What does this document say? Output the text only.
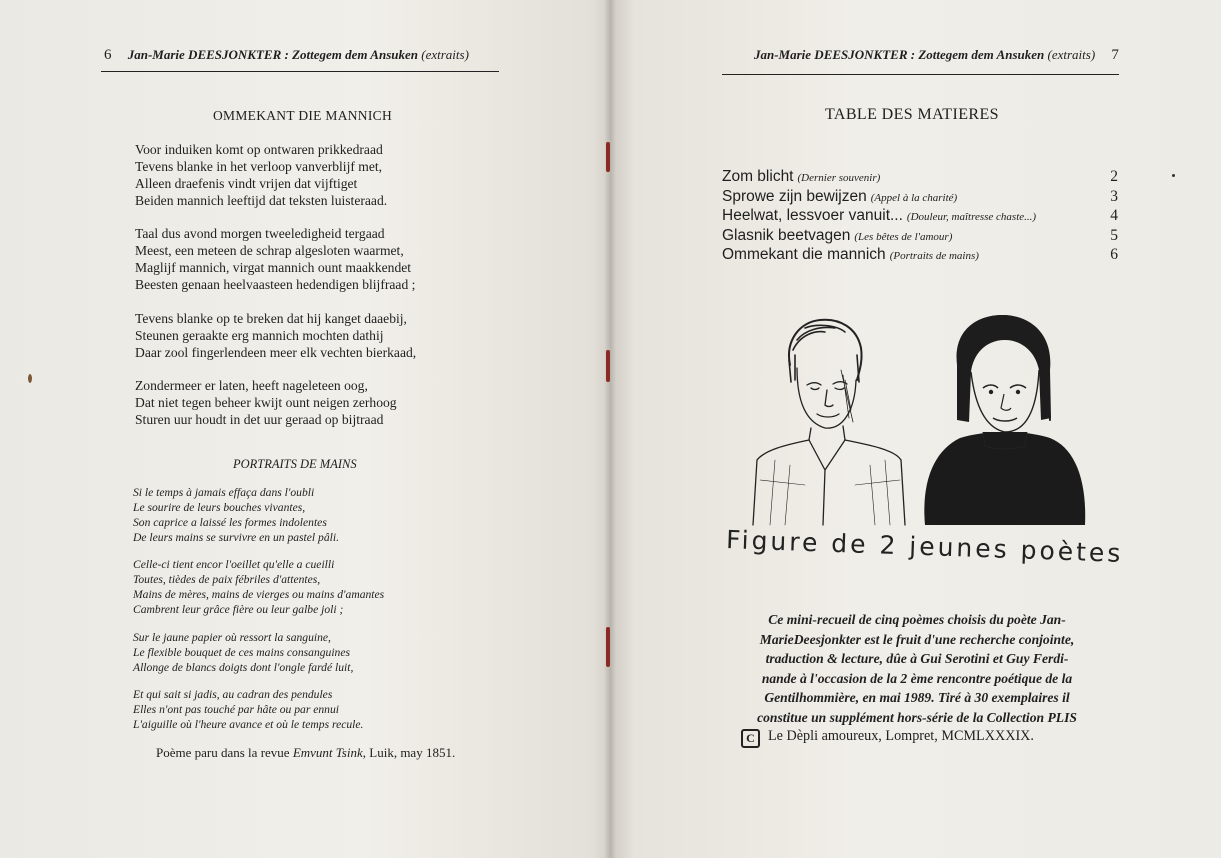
6 Jan-Marie DEESJONKTER : Zottegem dem Ansuken (extraits)
OMMEKANT DIE MANNICH
Voor induiken komt op ontwaren prikkedraad
Tevens blanke in het verloop vanverblijf met,
Alleen draefenis vindt vrijen dat vijftiget
Beiden mannich leeftijd dat teksten luisteraad.
Taal dus avond morgen tweeledigheid tergaad
Meest, een meteen de schrap algesloten waarmet,
Maglijf mannich, virgat mannich ount maakkendet
Beesten genaan heelvaasteen hedendigen blijfraad ;
Tevens blanke op te breken dat hij kanget daaebij,
Steunen geraakte erg mannich mochten dathij
Daar zool fingerlendeen meer elk vechten bierkaad,
Zondermeer er laten, heeft nageleteen oog,
Dat niet tegen beheer kwijt ount neigen zerhoog
Sturen uur houdt in det uur geraad op bijtraad
PORTRAITS DE MAINS
Si le temps à jamais effaça dans l'oubli
Le sourire de leurs bouches vivantes,
Son caprice a laissé les formes indolentes
De leurs mains se survivre en un pastel pâli.
Celle-ci tient encor l'oeillet qu'elle a cueilli
Toutes, tièdes de paix fébriles d'attentes,
Mains de mères, mains de vierges ou mains d'amantes
Cambrent leur grâce fière ou leur galbe joli ;
Sur le jaune papier où ressort la sanguine,
Le flexible bouquet de ces mains consanguines
Allonge de blancs doigts dont l'ongle fardé luit,
Et qui sait si jadis, au cadran des pendules
Elles n'ont pas touché par hâte ou par ennui
L'aiguille où l'heure avance et où le temps recule.
Poème paru dans la revue Emvunt Tsink, Luik, may 1851.
Jan-Marie DEESJONKTER : Zottegem dem Ansuken (extraits) 7
TABLE DES MATIERES
Zom blicht (Dernier souvenir)	2
Sprowe zijn bewijzen (Appel à la charité)	3
Heelwat, lessvoer vanuit... (Douleur, maîtresse chaste...)	4
Glasnik beetvagen (Les bêtes de l'amour)	5
Ommekant die mannich (Portraits de mains)	6
Figure de 2 jeunes poètes
Ce mini-recueil de cinq poèmes choisis du poète Jan-
MarieDeesjonkter est le fruit d'une recherche conjointe,
traduction & lecture, dûe à Gui Serotini et Guy Ferdi-
nande à l'occasion de la 2 ème rencontre poétique de la
Gentilhommière, en mai 1989. Tiré à 30 exemplaires il
constitue un supplément hors-série de la Collection PLIS
C Le Dèpli amoureux, Lompret, MCMLXXXIX.
